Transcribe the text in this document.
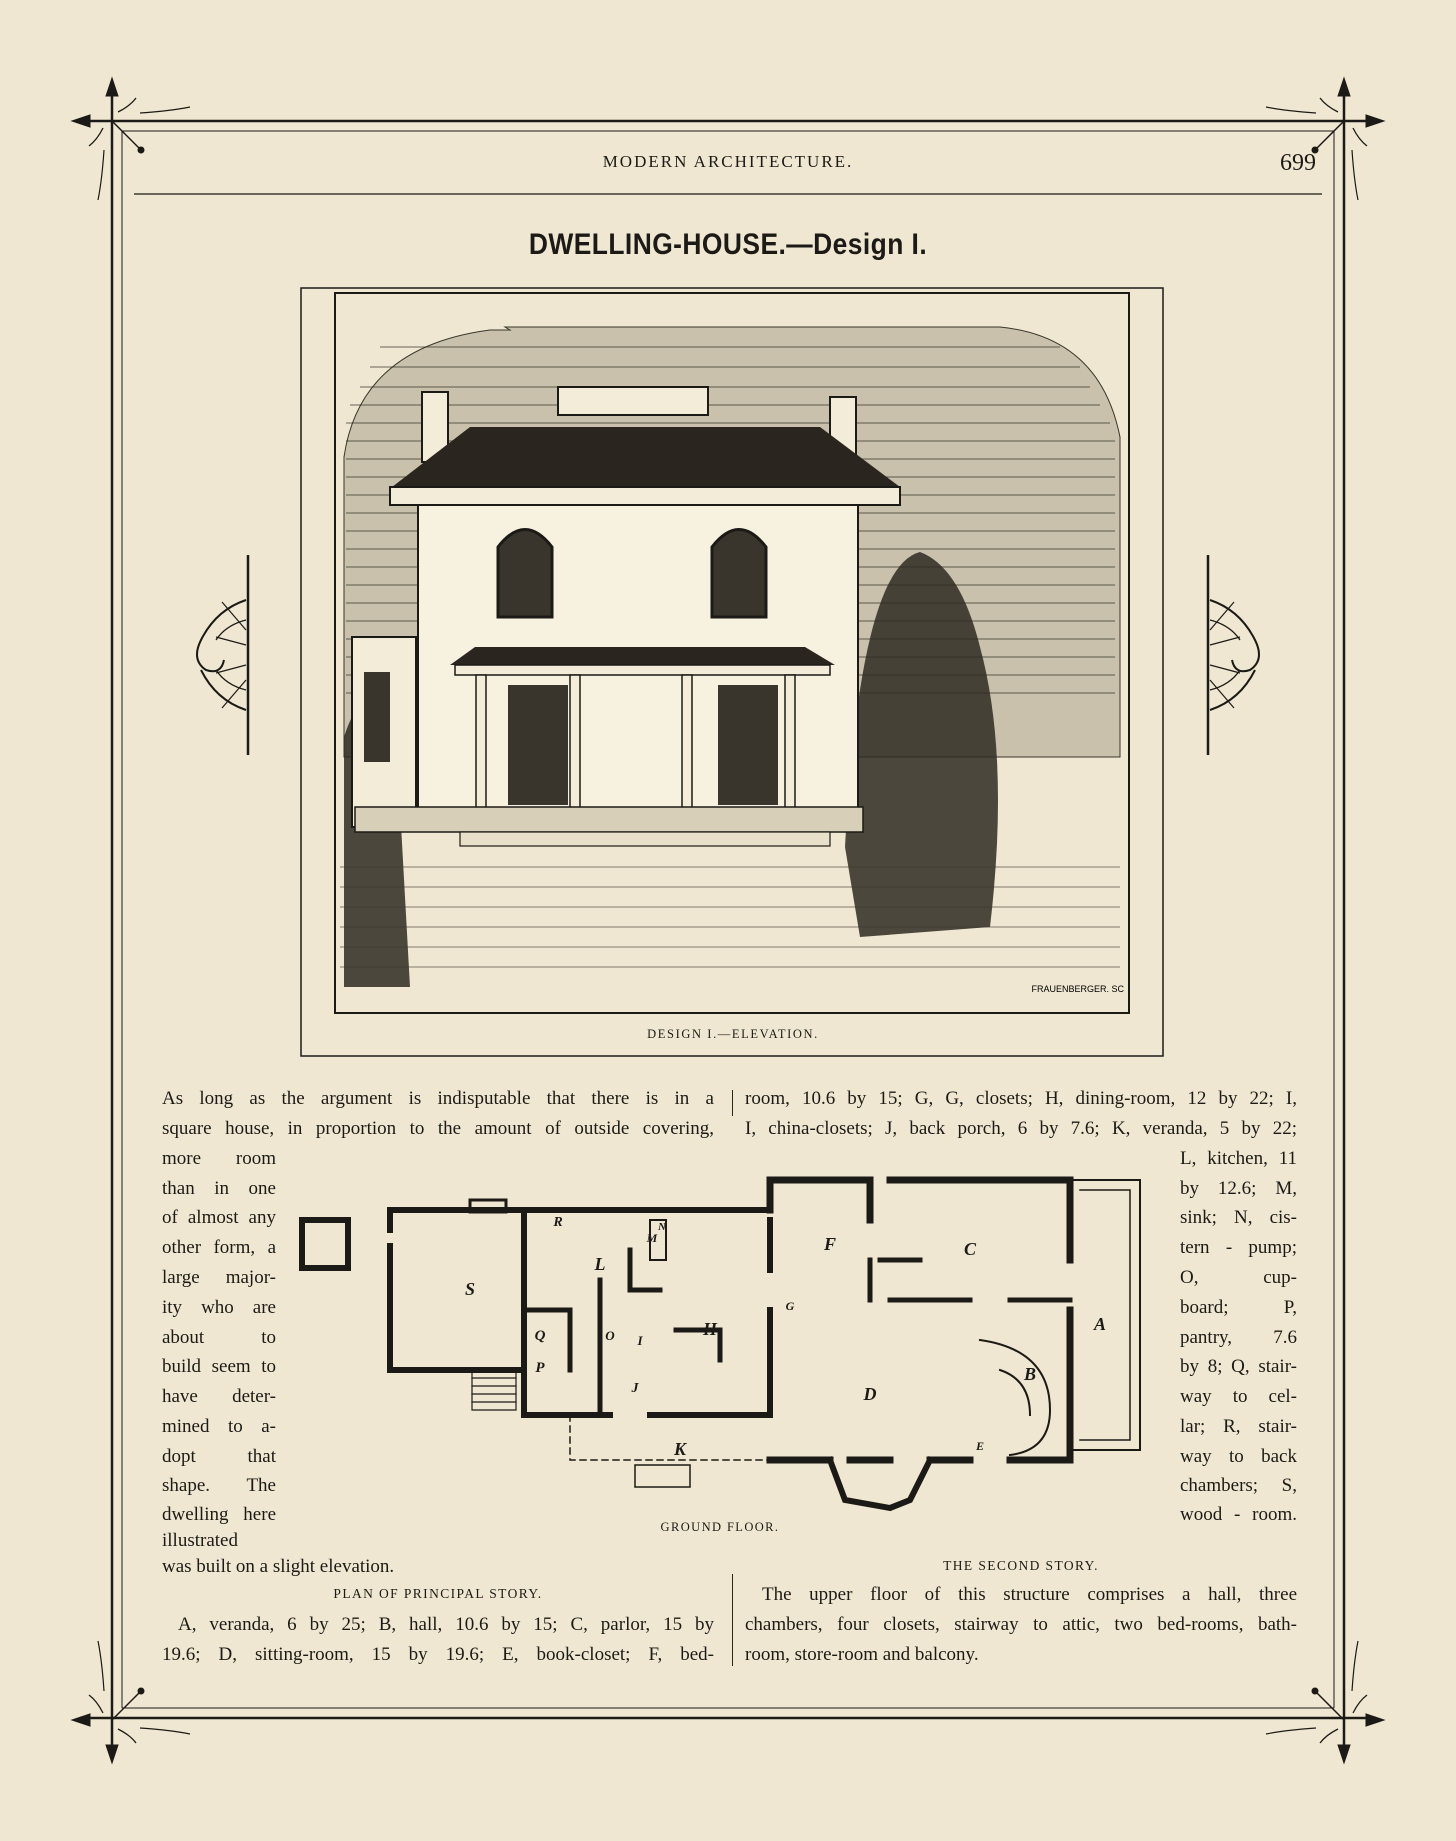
MODERN ARCHITECTURE.	699
DWELLING-HOUSE.—Design I.
FRAUENBERGER. SC
DESIGN I.—ELEVATION.
As long as the argument is indisputable that there is in a
square house, in proportion to the amount of outside covering,
more room
than in one
of almost any
other form, a
large major-
ity who are
about to
build seem to
have deter-
mined to a-
dopt that
shape. The
dwelling here
illustrated
was built on a slight elevation.
room, 10.6 by 15; G, G, closets; H, dining-room, 12 by 22; I,
I, china-closets; J, back porch, 6 by 7.6; K, veranda, 5 by 22;
L, kitchen, 11
by 12.6; M,
sink; N, cis-
tern - pump;
O, cup-
board; P,
pantry, 7.6
by 8; Q, stair-
way to cel-
lar; R, stair-
way to back
chambers; S,
wood - room.
A
B
C
D
E
F
G
H
I
J
K
L
M
N
O
P
Q
R
S
GROUND FLOOR.
PLAN OF PRINCIPAL STORY.
A, veranda, 6 by 25; B, hall, 10.6 by 15; C, parlor, 15 by
19.6; D, sitting-room, 15 by 19.6; E, book-closet; F, bed-
THE SECOND STORY.
The upper floor of this structure comprises a hall, three
chambers, four closets, stairway to attic, two bed-rooms, bath-
room, store-room and balcony.
